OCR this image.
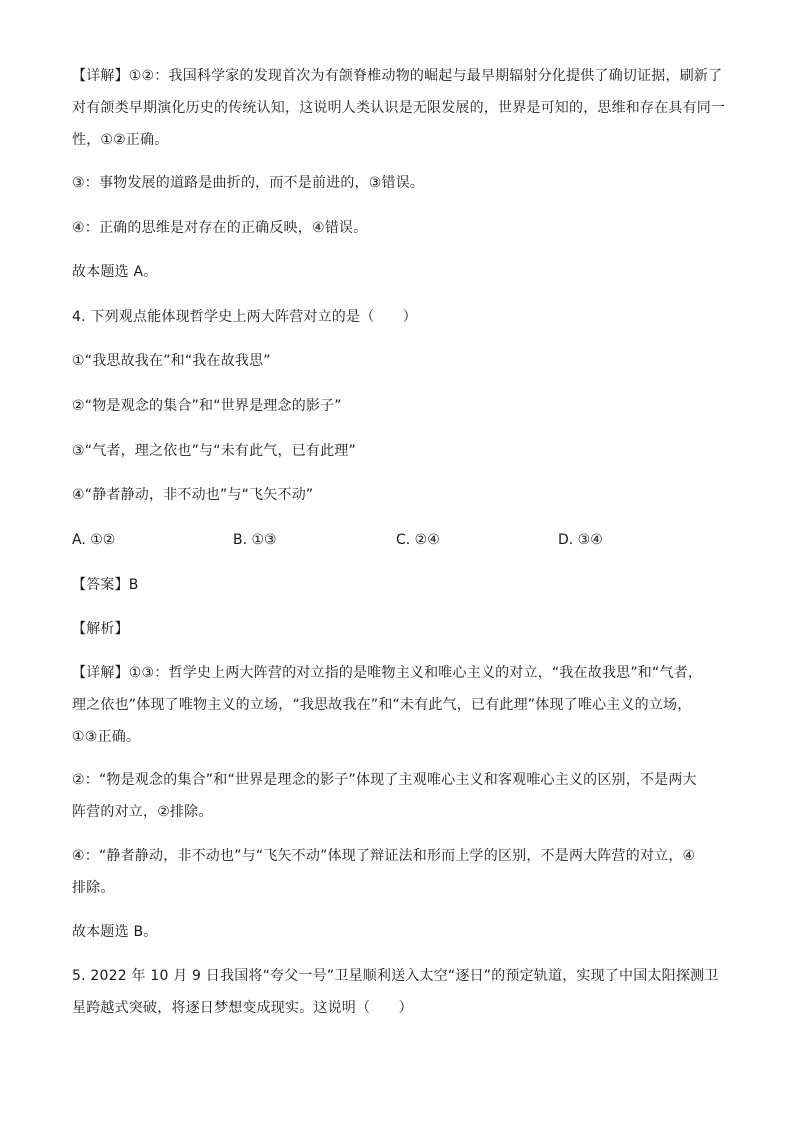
【详解】①②：我国科学家的发现首次为有颌脊椎动物的崛起与最早期辐射分化提供了确切证据，刷新了
对有颌类早期演化历史的传统认知，这说明人类认识是无限发展的，世界是可知的，思维和存在具有同一
性，①②正确。
③：事物发展的道路是曲折的，而不是前进的，③错误。
④：正确的思维是对存在的正确反映，④错误。
故本题选 A。
4. 下列观点能体现哲学史上两大阵营对立的是（　　）
①“我思故我在”和“我在故我思”
②“物是观念的集合”和“世界是理念的影子”
③“气者，理之依也”与“未有此气，已有此理”
④“静者静动，非不动也”与“飞矢不动”
A. ①②	B. ①③	C. ②④	D. ③④
【答案】B
【解析】
【详解】①③：哲学史上两大阵营的对立指的是唯物主义和唯心主义的对立，“我在故我思”和“气者，
理之依也”体现了唯物主义的立场，“我思故我在”和“未有此气，已有此理”体现了唯心主义的立场，
①③正确。
②：“物是观念的集合”和“世界是理念的影子”体现了主观唯心主义和客观唯心主义的区别，不是两大
阵营的对立，②排除。
④：“静者静动，非不动也”与“飞矢不动”体现了辩证法和形而上学的区别，不是两大阵营的对立，④
排除。
故本题选 B。
5. 2022 年 10 月 9 日我国将“夸父一号”卫星顺利送入太空“逐日”的预定轨道，实现了中国太阳探测卫
星跨越式突破，将逐日梦想变成现实。这说明（　　）
